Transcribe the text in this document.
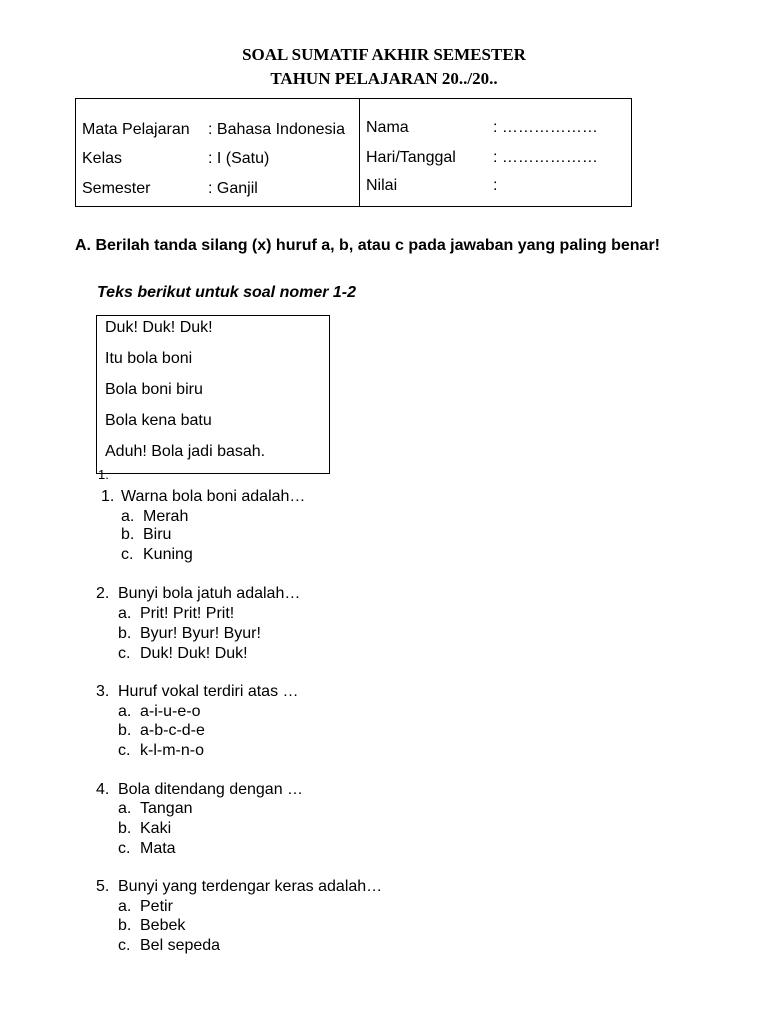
SOAL SUMATIF AKHIR SEMESTER
TAHUN PELAJARAN 20../20..
Mata Pelajaran : Bahasa Indonesia
Kelas	: I (Satu)
Semester	: Ganjil
Nama	: ………………
Hari/Tanggal : ………………
Nilai	:
A. Berilah tanda silang (x) huruf a, b, atau c pada jawaban yang paling benar!
Teks berikut untuk soal nomer 1-2
Duk! Duk! Duk!
Itu bola boni
Bola boni biru
Bola kena batu
Aduh! Bola jadi basah.
1.
1. Warna bola boni adalah…
a. Merah
b. Biru
c. Kuning
2. Bunyi bola jatuh adalah…
a. Prit! Prit! Prit!
b. Byur! Byur! Byur!
c. Duk! Duk! Duk!
3. Huruf vokal terdiri atas …
a. a-i-u-e-o
b. a-b-c-d-e
c. k-l-m-n-o
4. Bola ditendang dengan …
a. Tangan
b. Kaki
c. Mata
5. Bunyi yang terdengar keras adalah…
a. Petir
b. Bebek
c. Bel sepeda
